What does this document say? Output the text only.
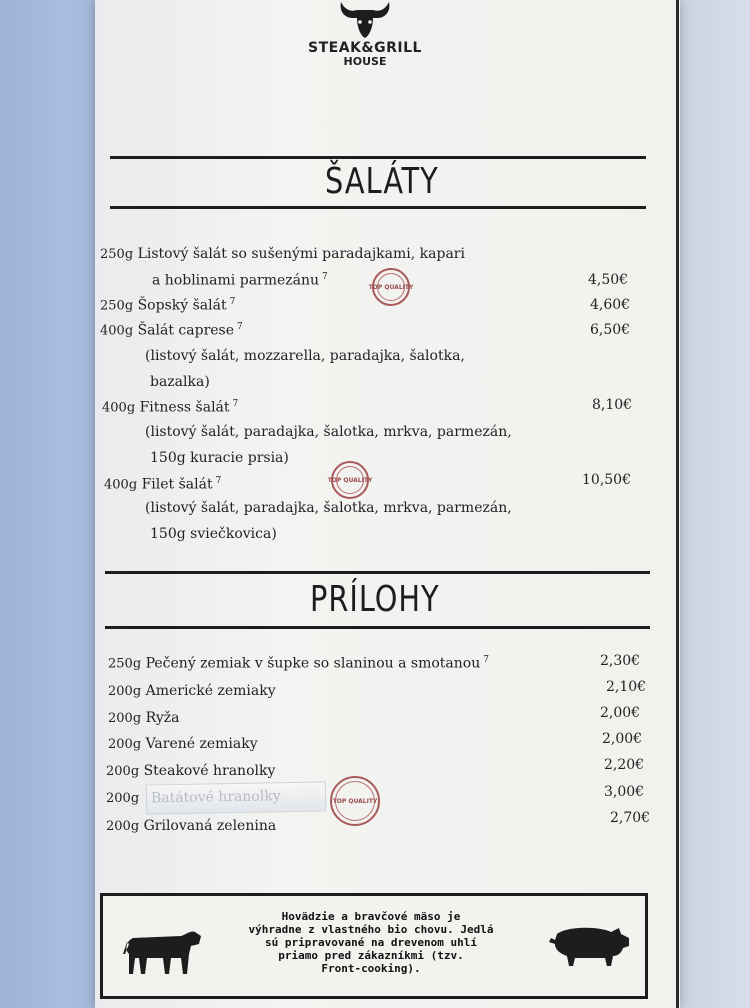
STEAK&GRILL
HOUSE
ŠALÁTY
250g Listový šalát so sušenými paradajkami, kapari
a hoblinami parmezánu $^7$	4,50€
TOP QUALITY
250g Šopský šalát $^7$	4,60€
400g Šalát caprese $^7$	6,50€
(listový šalát, mozzarella, paradajka, šalotka,
bazalka)
400g Fitness šalát $^7$	8,10€
(listový šalát, paradajka, šalotka, mrkva, parmezán,
150g kuracie prsia)
400g Filet šalát $^7$	10,50€
TOP QUALITY
(listový šalát, paradajka, šalotka, mrkva, parmezán,
150g sviečkovica)
PRÍLOHY
250g Pečený zemiak v šupke so slaninou a smotanou $^7$	2,30€
200g Americké zemiaky	2,10€
200g Ryža	2,00€
200g Varené zemiaky	2,00€
200g Steakové hranolky	2,20€
200g Batátové hranolky	3,00€
TOP QUALITY
200g Grilovaná zelenina	2,70€
Hovädzie a bravčové mäso je
výhradne z vlastného bio chovu. Jedlá
sú pripravované na drevenom uhlí
priamo pred zákazníkmi (tzv.
Front-cooking).
